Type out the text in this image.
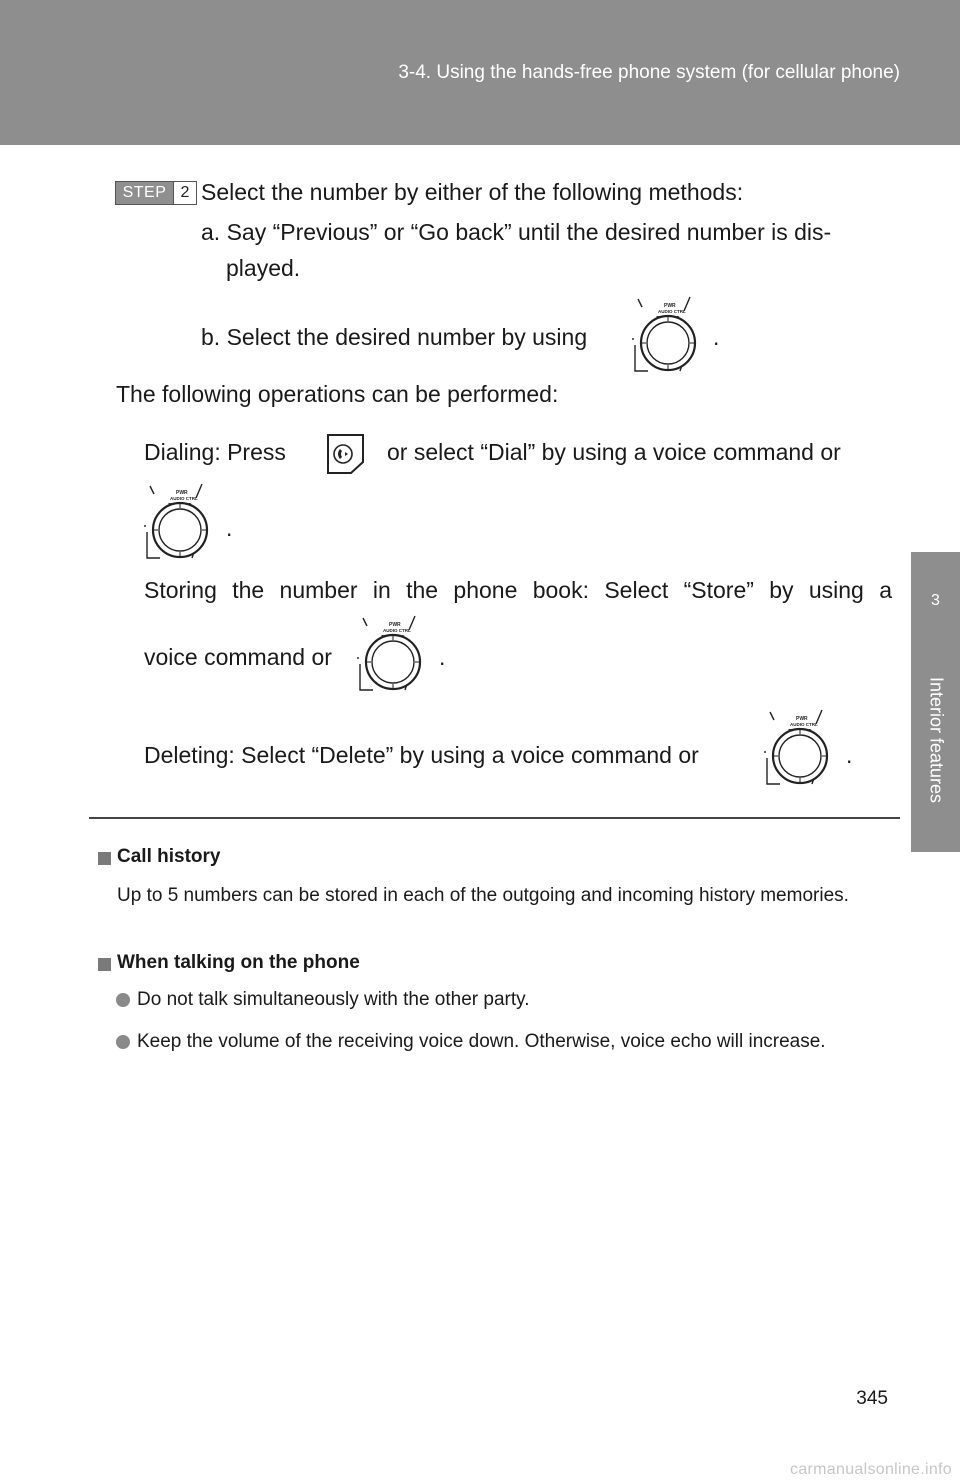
3-4. Using the hands-free phone system (for cellular phone)
3
Interior features
STEP 2 Select the number by either of the following methods:
a. Say “Previous” or “Go back” until the desired number is dis-
played.
b. Select the desired number by using
PWR
AUDIO CTRL
.
The following operations can be performed:
Dialing: Press	or select “Dial” by using a voice command or
PWR
AUDIO CTRL
.
Storing the number in the phone book: Select “Store” by using a
voice command or
PWR
AUDIO CTRL
.
Deleting: Select “Delete” by using a voice command or
PWR
AUDIO CTRL
.
Call history
Up to 5 numbers can be stored in each of the outgoing and incoming history memories.
When talking on the phone
Do not talk simultaneously with the other party.
Keep the volume of the receiving voice down. Otherwise, voice echo will increase.
345
carmanualsonline.info
